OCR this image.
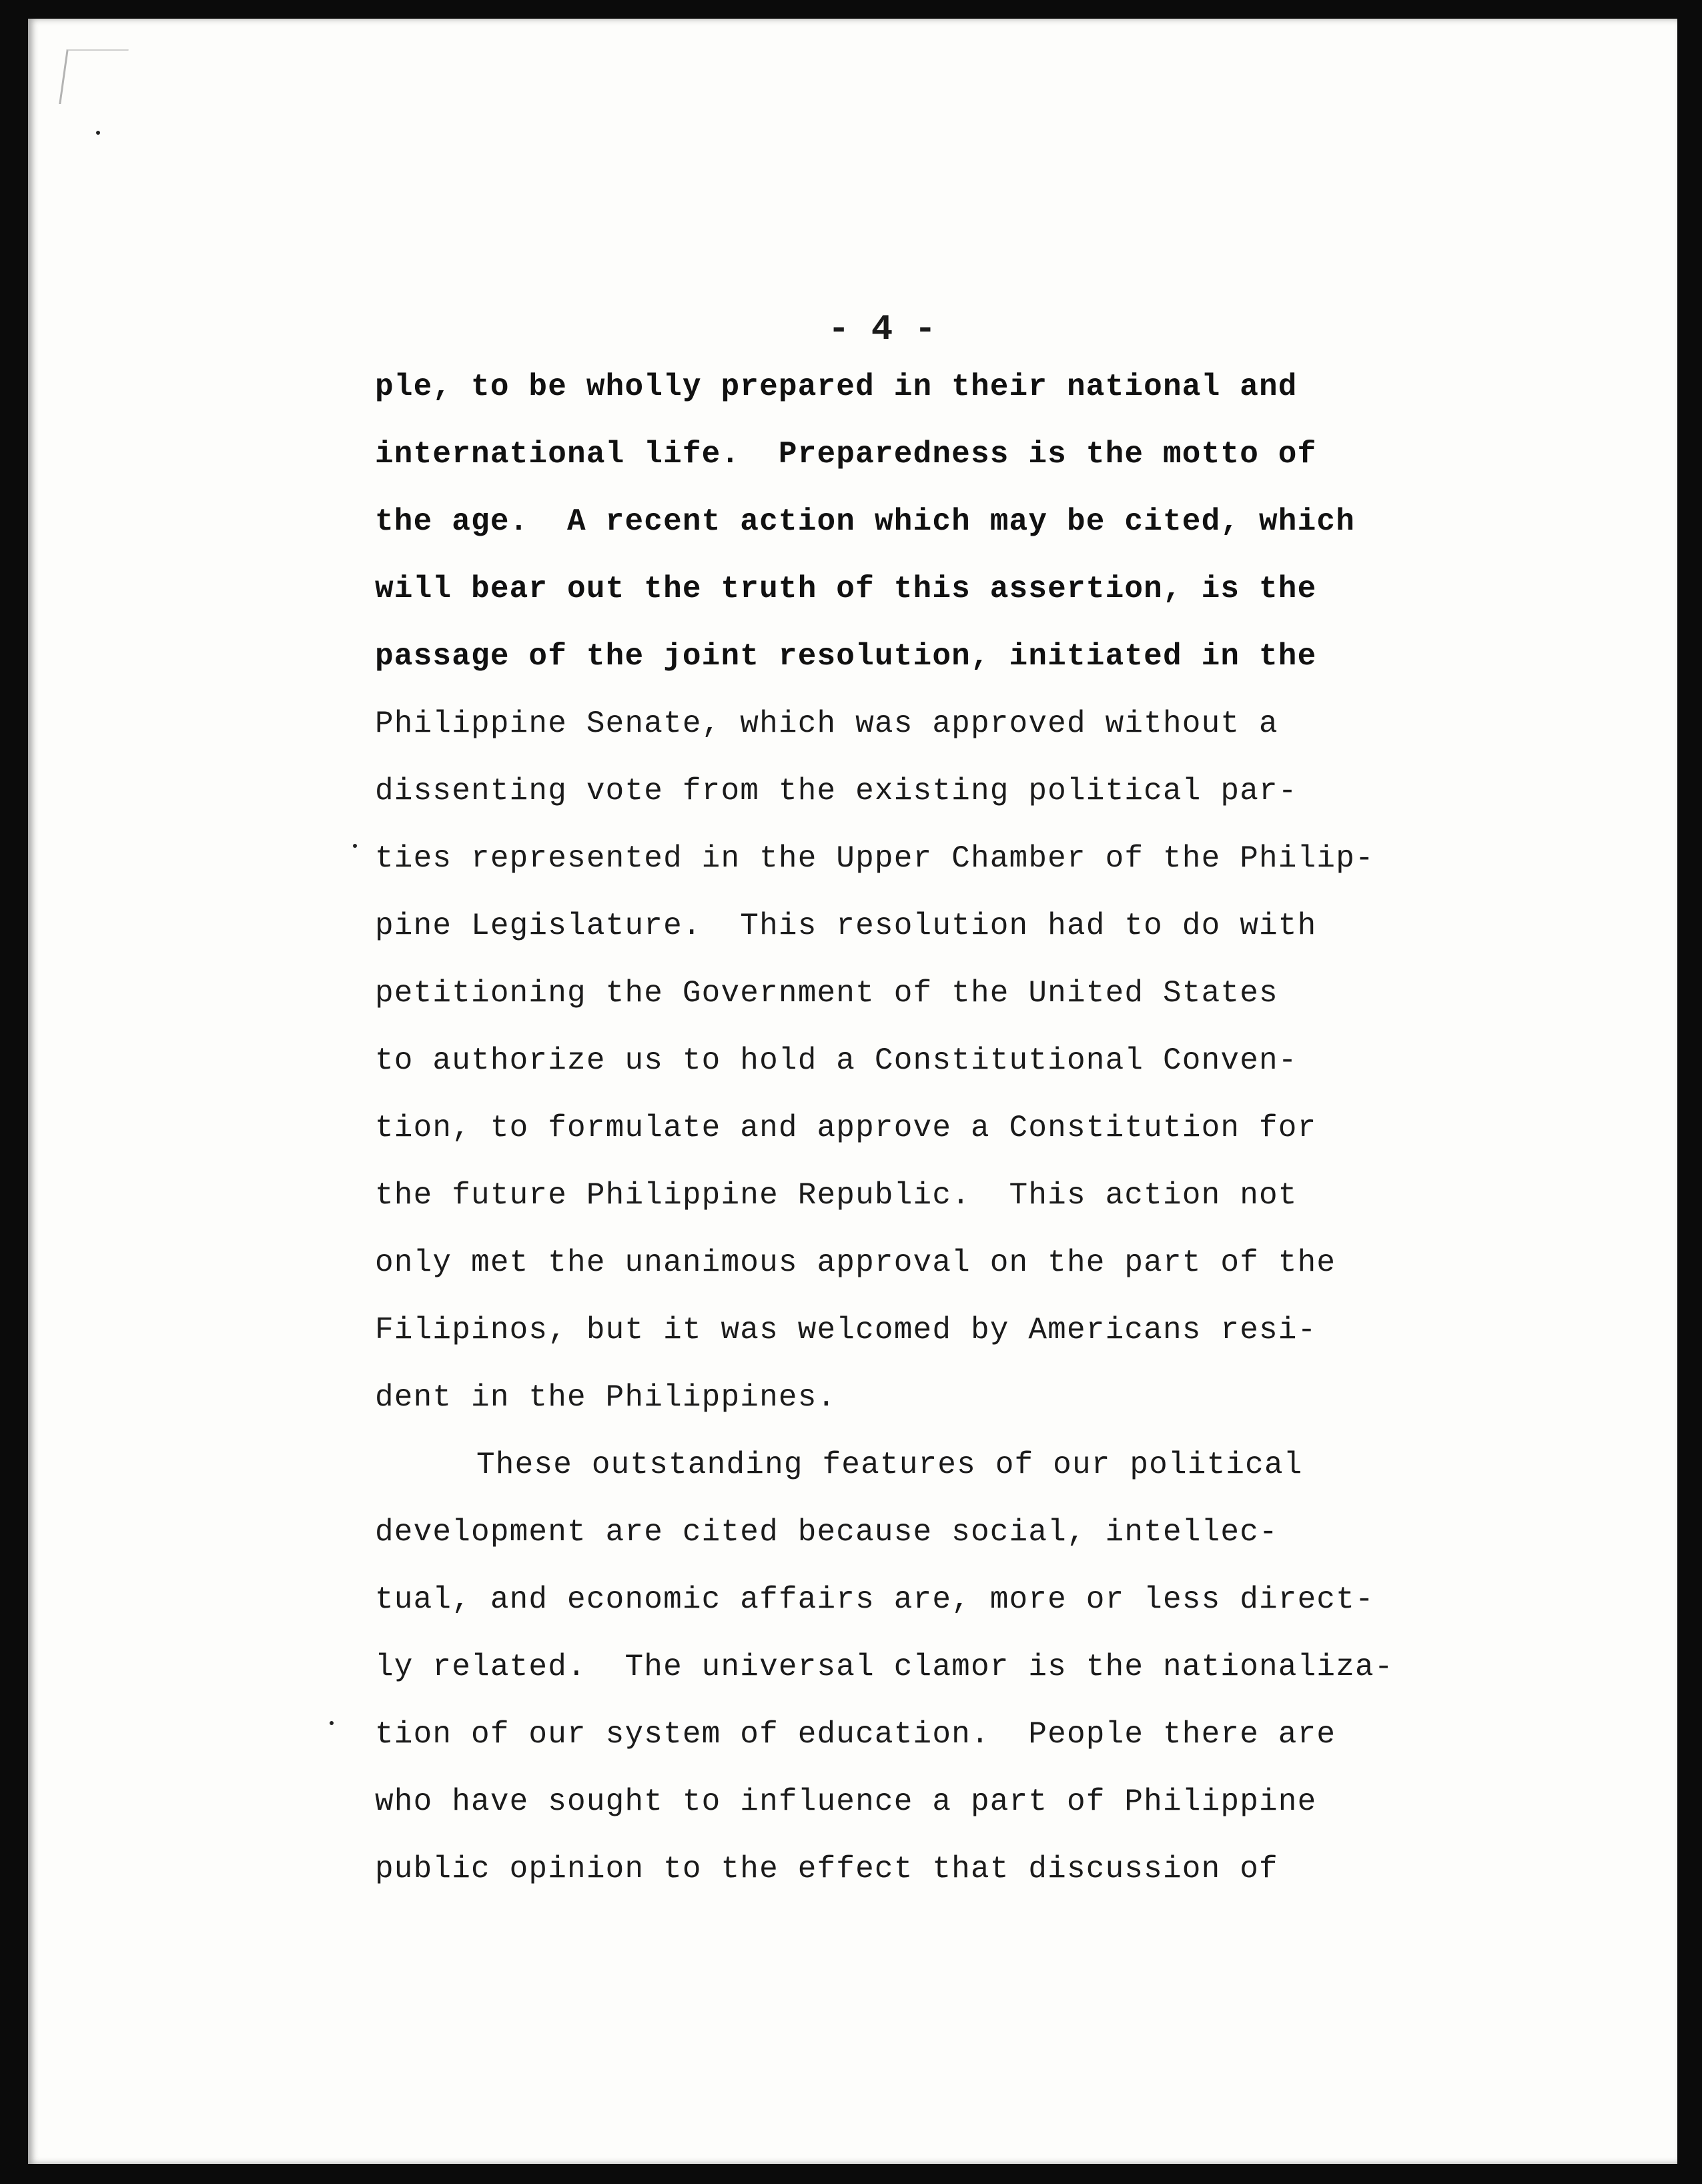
- 4 -
ple, to be wholly prepared in their national and
international life.  Preparedness is the motto of
the age.  A recent action which may be cited, which
will bear out the truth of this assertion, is the
passage of the joint resolution, initiated in the
Philippine Senate, which was approved without a
dissenting vote from the existing political par-
ties represented in the Upper Chamber of the Philip-
pine Legislature.  This resolution had to do with
petitioning the Government of the United States
to authorize us to hold a Constitutional Conven-
tion, to formulate and approve a Constitution for
the future Philippine Republic.  This action not
only met the unanimous approval on the part of the
Filipinos, but it was welcomed by Americans resi-
dent in the Philippines.
These outstanding features of our political
development are cited because social, intellec-
tual, and economic affairs are, more or less direct-
ly related.  The universal clamor is the nationaliza-
tion of our system of education.  People there are
who have sought to influence a part of Philippine
public opinion to the effect that discussion of
